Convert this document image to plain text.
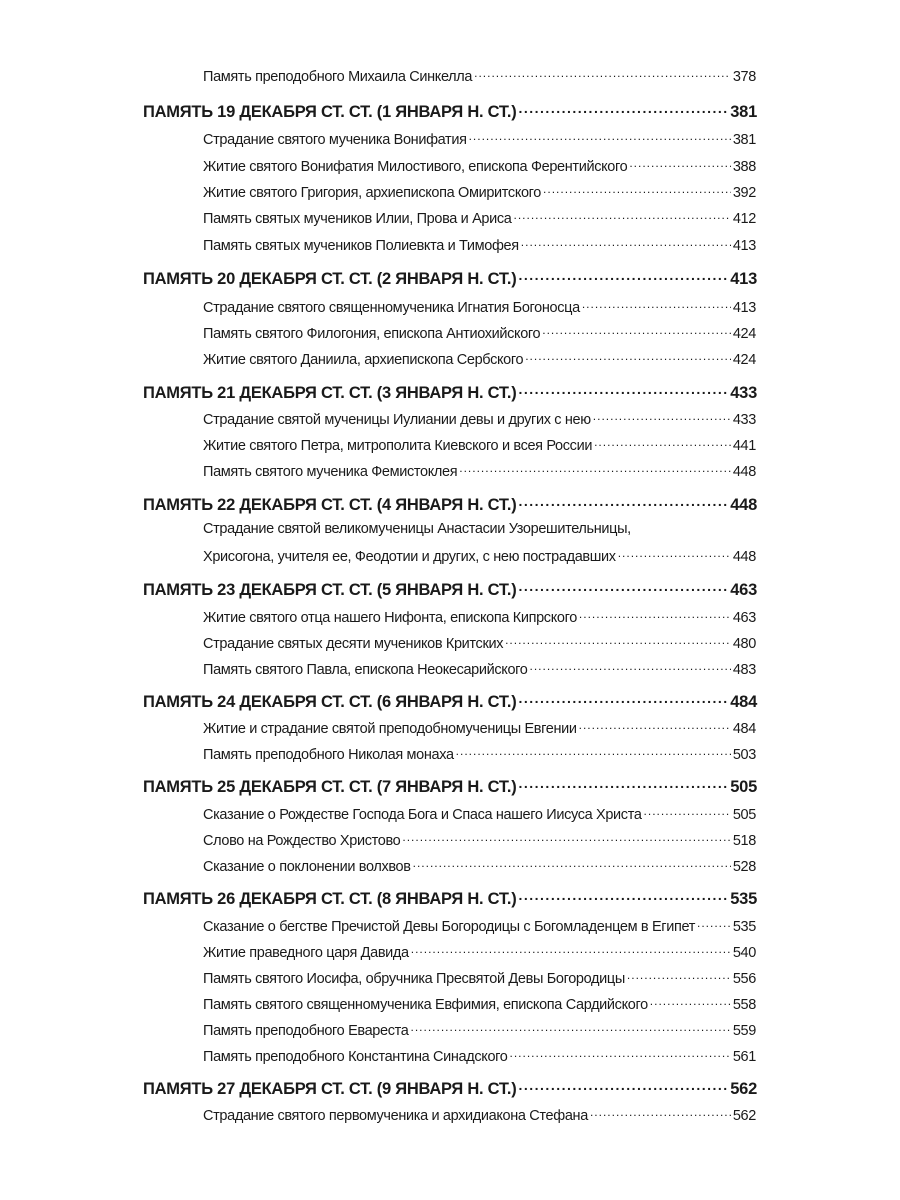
Память преподобного Михаила Синкелла .....	378
ПАМЯТЬ 19 ДЕКАБРЯ СТ. СТ. (1 ЯНВАРЯ Н. СТ.) .....	381
Страдание святого мученика Вонифатия .....	381
Житие святого Вонифатия Милостивого, епископа Ферентийского .....	388
Житие святого Григория, архиепископа Омиритского .....	392
Память святых мучеников Илии, Прова и Ариса .....	412
Память святых мучеников Полиевкта и Тимофея .....	413
ПАМЯТЬ 20 ДЕКАБРЯ СТ. СТ. (2 ЯНВАРЯ Н. СТ.) .....	413
Страдание святого священномученика Игнатия Богоносца .....	413
Память святого Филогония, епископа Антиохийского .....	424
Житие святого Даниила, архиепископа Сербского .....	424
ПАМЯТЬ 21 ДЕКАБРЯ СТ. СТ. (3 ЯНВАРЯ Н. СТ.) .....	433
Страдание святой мученицы Иулиании девы и других с нею .....	433
Житие святого Петра, митрополита Киевского и всея России .....	441
Память святого мученика Фемистоклея .....	448
ПАМЯТЬ 22 ДЕКАБРЯ СТ. СТ. (4 ЯНВАРЯ Н. СТ.) .....	448
Страдание святой великомученицы Анастасии Узорешительницы,
Хрисогона, учителя ее, Феодотии и других, с нею пострадавших .....	448
ПАМЯТЬ 23 ДЕКАБРЯ СТ. СТ. (5 ЯНВАРЯ Н. СТ.) .....	463
Житие святого отца нашего Нифонта, епископа Кипрского .....	463
Страдание святых десяти мучеников Критских .....	480
Память святого Павла, епископа Неокесарийского .....	483
ПАМЯТЬ 24 ДЕКАБРЯ СТ. СТ. (6 ЯНВАРЯ Н. СТ.) .....	484
Житие и страдание святой преподобномученицы Евгении .....	484
Память преподобного Николая монаха .....	503
ПАМЯТЬ 25 ДЕКАБРЯ СТ. СТ. (7 ЯНВАРЯ Н. СТ.) .....	505
Сказание о Рождестве Господа Бога и Спаса нашего Иисуса Христа .....	505
Слово на Рождество Христово .....	518
Сказание о поклонении волхвов .....	528
ПАМЯТЬ 26 ДЕКАБРЯ СТ. СТ. (8 ЯНВАРЯ Н. СТ.) .....	535
Сказание о бегстве Пречистой Девы Богородицы с Богомладенцем в Египет .....	535
Житие праведного царя Давида .....	540
Память святого Иосифа, обручника Пресвятой Девы Богородицы .....	556
Память святого священномученика Евфимия, епископа Сардийского .....	558
Память преподобного Евареста .....	559
Память преподобного Константина Синадского .....	561
ПАМЯТЬ 27 ДЕКАБРЯ СТ. СТ. (9 ЯНВАРЯ Н. СТ.) .....	562
Страдание святого первомученика и архидиакона Стефана .....	562
